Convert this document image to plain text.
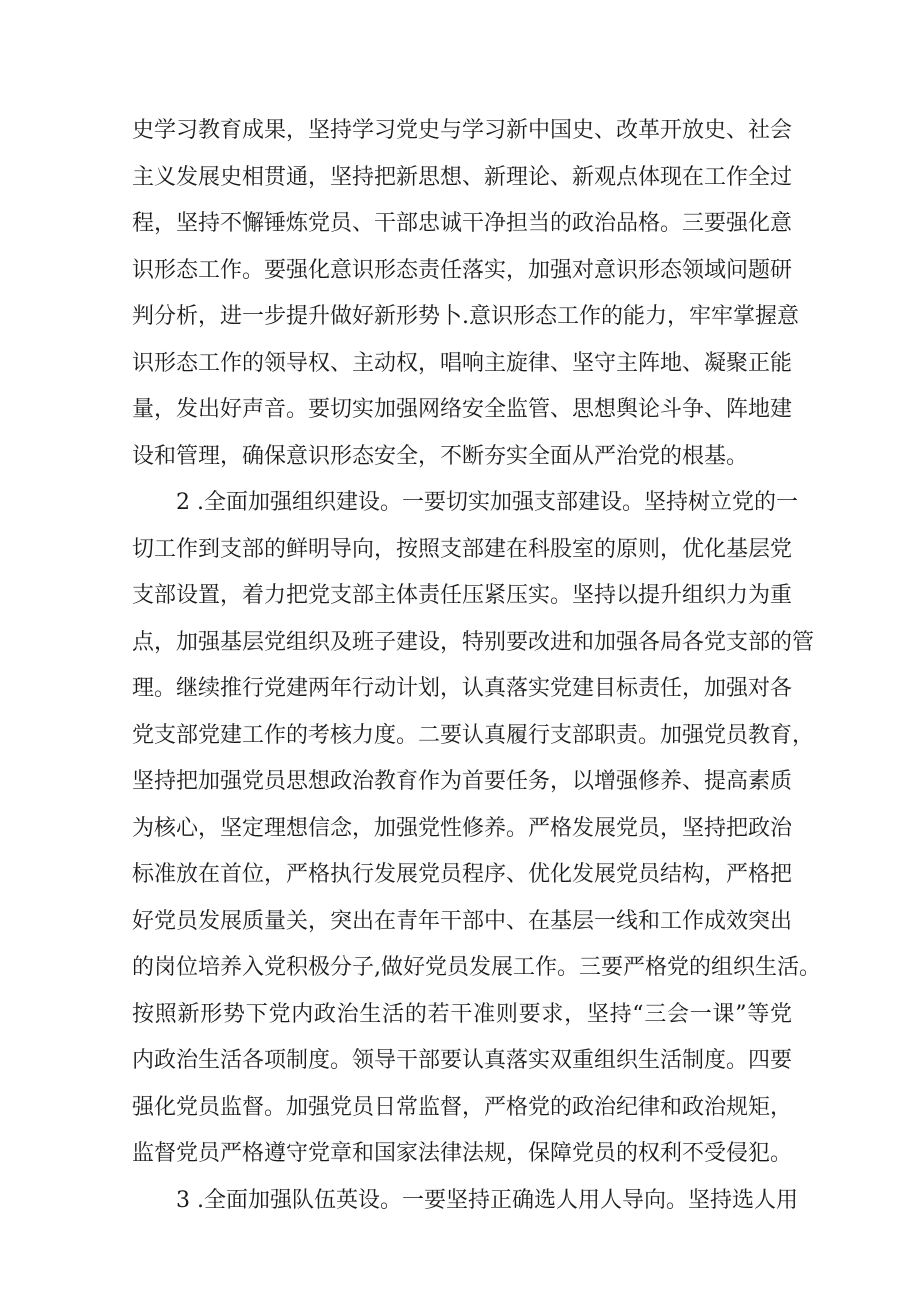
史学习教育成果，坚持学习党史与学习新中国史、改革开放史、社会
主义发展史相贯通，坚持把新思想、新理论、新观点体现在工作全过
程，坚持不懈锤炼党员、干部忠诚干净担当的政治品格。三要强化意
识形态工作。要强化意识形态责任落实，加强对意识形态领域问题研
判分析，进一步提升做好新形势卜.意识形态工作的能力，牢牢掌握意
识形态工作的领导权、主动权，唱响主旋律、坚守主阵地、凝聚正能
量，发出好声音。要切实加强网络安全监管、思想舆论斗争、阵地建
设和管理，确保意识形态安全，不断夯实全面从严治党的根基。
2 .全面加强组织建设。一要切实加强支部建设。坚持树立党的一
切工作到支部的鲜明导向，按照支部建在科股室的原则，优化基层党
支部设置，着力把党支部主体责任压紧压实。坚持以提升组织力为重
点，加强基层党组织及班子建设，特别要改进和加强各局各党支部的管
理。继续推行党建两年行动计划，认真落实党建目标责任，加强对各
党支部党建工作的考核力度。二要认真履行支部职责。加强党员教育，
坚持把加强党员思想政治教育作为首要任务，以增强修养、提高素质
为核心，坚定理想信念，加强党性修养。严格发展党员，坚持把政治
标准放在首位，严格执行发展党员程序、优化发展党员结构，严格把
好党员发展质量关，突出在青年干部中、在基层一线和工作成效突出
的岗位培养入党积极分子,做好党员发展工作。三要严格党的组织生活。
按照新形势下党内政治生活的若干准则要求，坚持“三会一课”等党
内政治生活各项制度。领导干部要认真落实双重组织生活制度。四要
强化党员监督。加强党员日常监督，严格党的政治纪律和政治规矩，
监督党员严格遵守党章和国家法律法规，保障党员的权利不受侵犯。
3 .全面加强队伍英设。一要坚持正确选人用人导向。坚持选人用
